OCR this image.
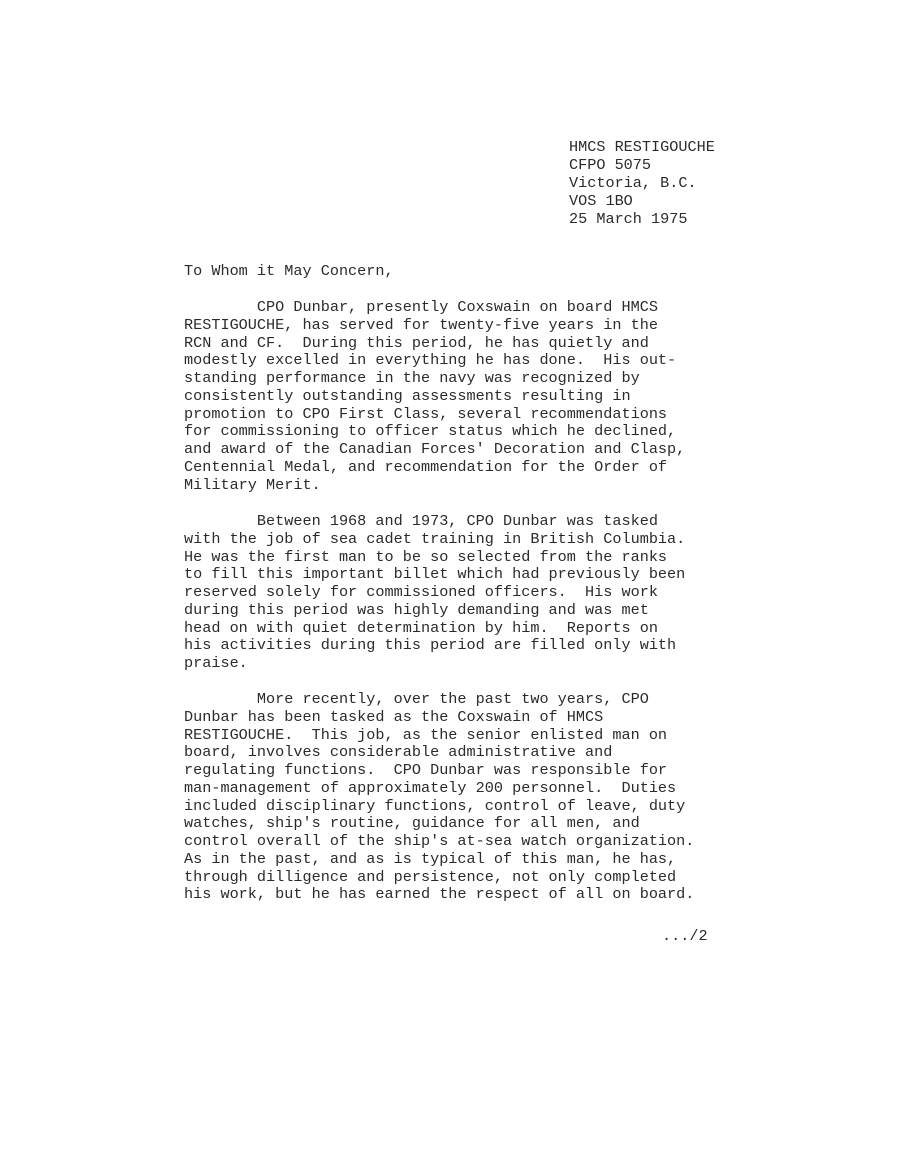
HMCS RESTIGOUCHE
CFPO 5075
Victoria, B.C.
VOS 1BO
25 March 1975
To Whom it May Concern,
CPO Dunbar, presently Coxswain on board HMCS
RESTIGOUCHE, has served for twenty-five years in the
RCN and CF.  During this period, he has quietly and
modestly excelled in everything he has done.  His out-
standing performance in the navy was recognized by
consistently outstanding assessments resulting in
promotion to CPO First Class, several recommendations
for commissioning to officer status which he declined,
and award of the Canadian Forces' Decoration and Clasp,
Centennial Medal, and recommendation for the Order of
Military Merit.
Between 1968 and 1973, CPO Dunbar was tasked
with the job of sea cadet training in British Columbia.
He was the first man to be so selected from the ranks
to fill this important billet which had previously been
reserved solely for commissioned officers.  His work
during this period was highly demanding and was met
head on with quiet determination by him.  Reports on
his activities during this period are filled only with
praise.
More recently, over the past two years, CPO
Dunbar has been tasked as the Coxswain of HMCS
RESTIGOUCHE.  This job, as the senior enlisted man on
board, involves considerable administrative and
regulating functions.  CPO Dunbar was responsible for
man-management of approximately 200 personnel.  Duties
included disciplinary functions, control of leave, duty
watches, ship's routine, guidance for all men, and
control overall of the ship's at-sea watch organization.
As in the past, and as is typical of this man, he has,
through dilligence and persistence, not only completed
his work, but he has earned the respect of all on board.
.../2
